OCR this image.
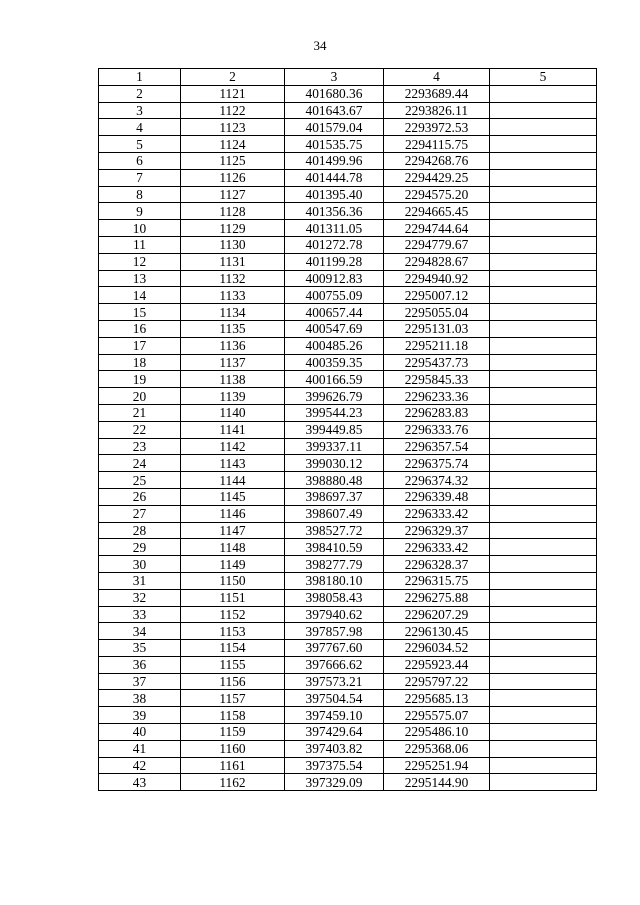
34
1	2	3	4	5
2	1121	401680.36	2293689.44	
3	1122	401643.67	2293826.11	
4	1123	401579.04	2293972.53	
5	1124	401535.75	2294115.75	
6	1125	401499.96	2294268.76	
7	1126	401444.78	2294429.25	
8	1127	401395.40	2294575.20	
9	1128	401356.36	2294665.45	
10	1129	401311.05	2294744.64	
11	1130	401272.78	2294779.67	
12	1131	401199.28	2294828.67	
13	1132	400912.83	2294940.92	
14	1133	400755.09	2295007.12	
15	1134	400657.44	2295055.04	
16	1135	400547.69	2295131.03	
17	1136	400485.26	2295211.18	
18	1137	400359.35	2295437.73	
19	1138	400166.59	2295845.33	
20	1139	399626.79	2296233.36	
21	1140	399544.23	2296283.83	
22	1141	399449.85	2296333.76	
23	1142	399337.11	2296357.54	
24	1143	399030.12	2296375.74	
25	1144	398880.48	2296374.32	
26	1145	398697.37	2296339.48	
27	1146	398607.49	2296333.42	
28	1147	398527.72	2296329.37	
29	1148	398410.59	2296333.42	
30	1149	398277.79	2296328.37	
31	1150	398180.10	2296315.75	
32	1151	398058.43	2296275.88	
33	1152	397940.62	2296207.29	
34	1153	397857.98	2296130.45	
35	1154	397767.60	2296034.52	
36	1155	397666.62	2295923.44	
37	1156	397573.21	2295797.22	
38	1157	397504.54	2295685.13	
39	1158	397459.10	2295575.07	
40	1159	397429.64	2295486.10	
41	1160	397403.82	2295368.06	
42	1161	397375.54	2295251.94	
43	1162	397329.09	2295144.90	
